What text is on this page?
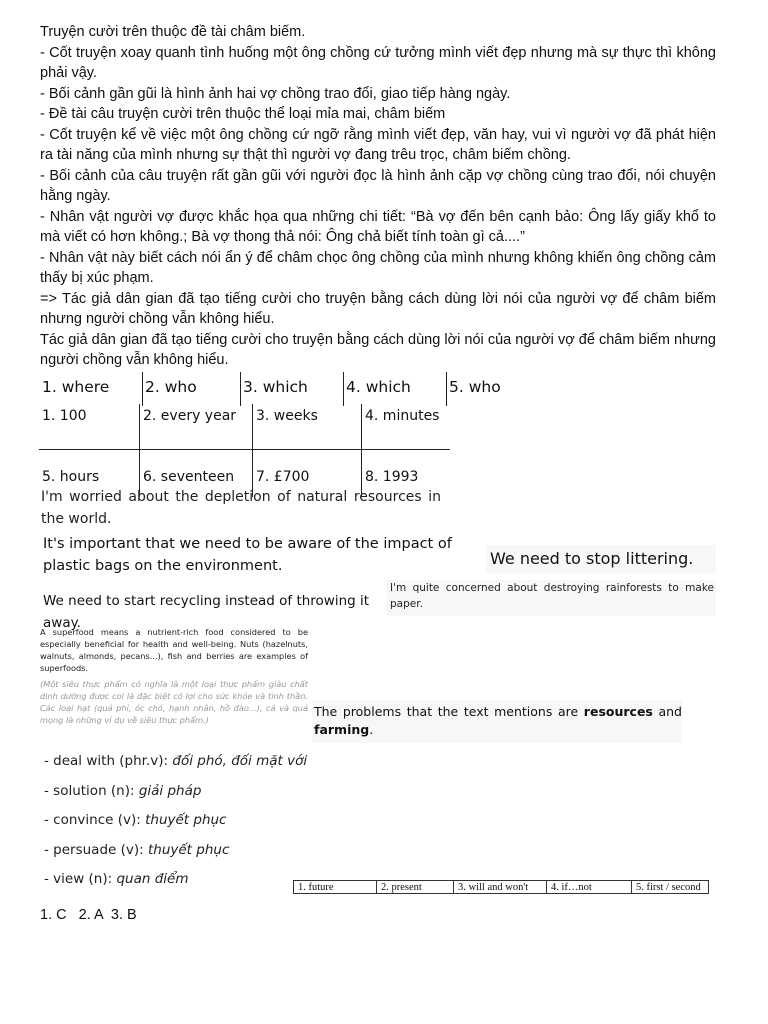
Truyện cười trên thuộc đề tài châm biếm.

- Cốt truyện xoay quanh tình huống một ông chồng cứ tưởng mình viết đẹp nhưng mà sự thực thì không phải vậy.

- Bối cảnh gần gũi là hình ảnh hai vợ chồng trao đổi, giao tiếp hàng ngày.

- Đề tài câu truyện cười trên thuộc thể loại mỉa mai, châm biếm

- Cốt truyện kể về việc một ông chồng cứ ngỡ rằng mình viết đẹp, văn hay, vui vì người vợ đã phát hiện ra tài năng của mình nhưng sự thật thì người vợ đang trêu trọc, châm biếm chồng.

- Bối cảnh của câu truyện rất gần gũi với người đọc là hình ảnh cặp vợ chồng cùng trao đổi, nói chuyện hằng ngày.

- Nhân vật người vợ được khắc họa qua những chi tiết: “Bà vợ đến bên cạnh bảo: Ông lấy giấy khổ to mà viết có hơn không.; Bà vợ thong thả nói: Ông chả biết tính toàn gì cả....”

- Nhân vật này biết cách nói ẩn ý để châm chọc ông chồng của mình nhưng không khiến ông chồng cảm thấy bị xúc phạm.

=> Tác giả dân gian đã tạo tiếng cười cho truyện bằng cách dùng lời nói của người vợ để châm biếm nhưng người chồng vẫn không hiểu.

Tác giả dân gian đã tạo tiếng cười cho truyện bằng cách dùng lời nói của người vợ để châm biếm nhưng người chồng vẫn không hiểu.

1. where	2. who	3. which	4. which	5. who
1. 100	2. every year	3. weeks	4. minutes
5. hours	6. seventeen	7. £700	8. 1993
I'm worried about the depletion of natural resources in the world.
It's important that we need to be aware of the impact of plastic bags on the environment.	We need to stop littering.
We need to start recycling instead of throwing it away.
I'm quite concerned about destroying rainforests to make paper.
A superfood means a nutrient-rich food considered to be especially beneficial for health and well-being. Nuts (hazelnuts, walnuts, almonds, pecans...), fish and berries are examples of superfoods.
(Một siêu thực phẩm có nghĩa là một loại thực phẩm giàu chất dinh dưỡng được coi là đặc biệt có lợi cho sức khỏe và tinh thần. Các loại hạt (quả phỉ, óc chó, hạnh nhân, hồ đào...), cá và quả mọng là những ví dụ về siêu thực phẩm.)
The problems that the text mentions are resources and farming.
- deal with (phr.v): đối phó, đối mặt với
- solution (n): giải pháp
- convince (v): thuyết phục
- persuade (v): thuyết phục
- view (n): quan điểm	1. future	2. present	3. will and won't	4. if…not	5. first / second
1. C   2. A  3. B
